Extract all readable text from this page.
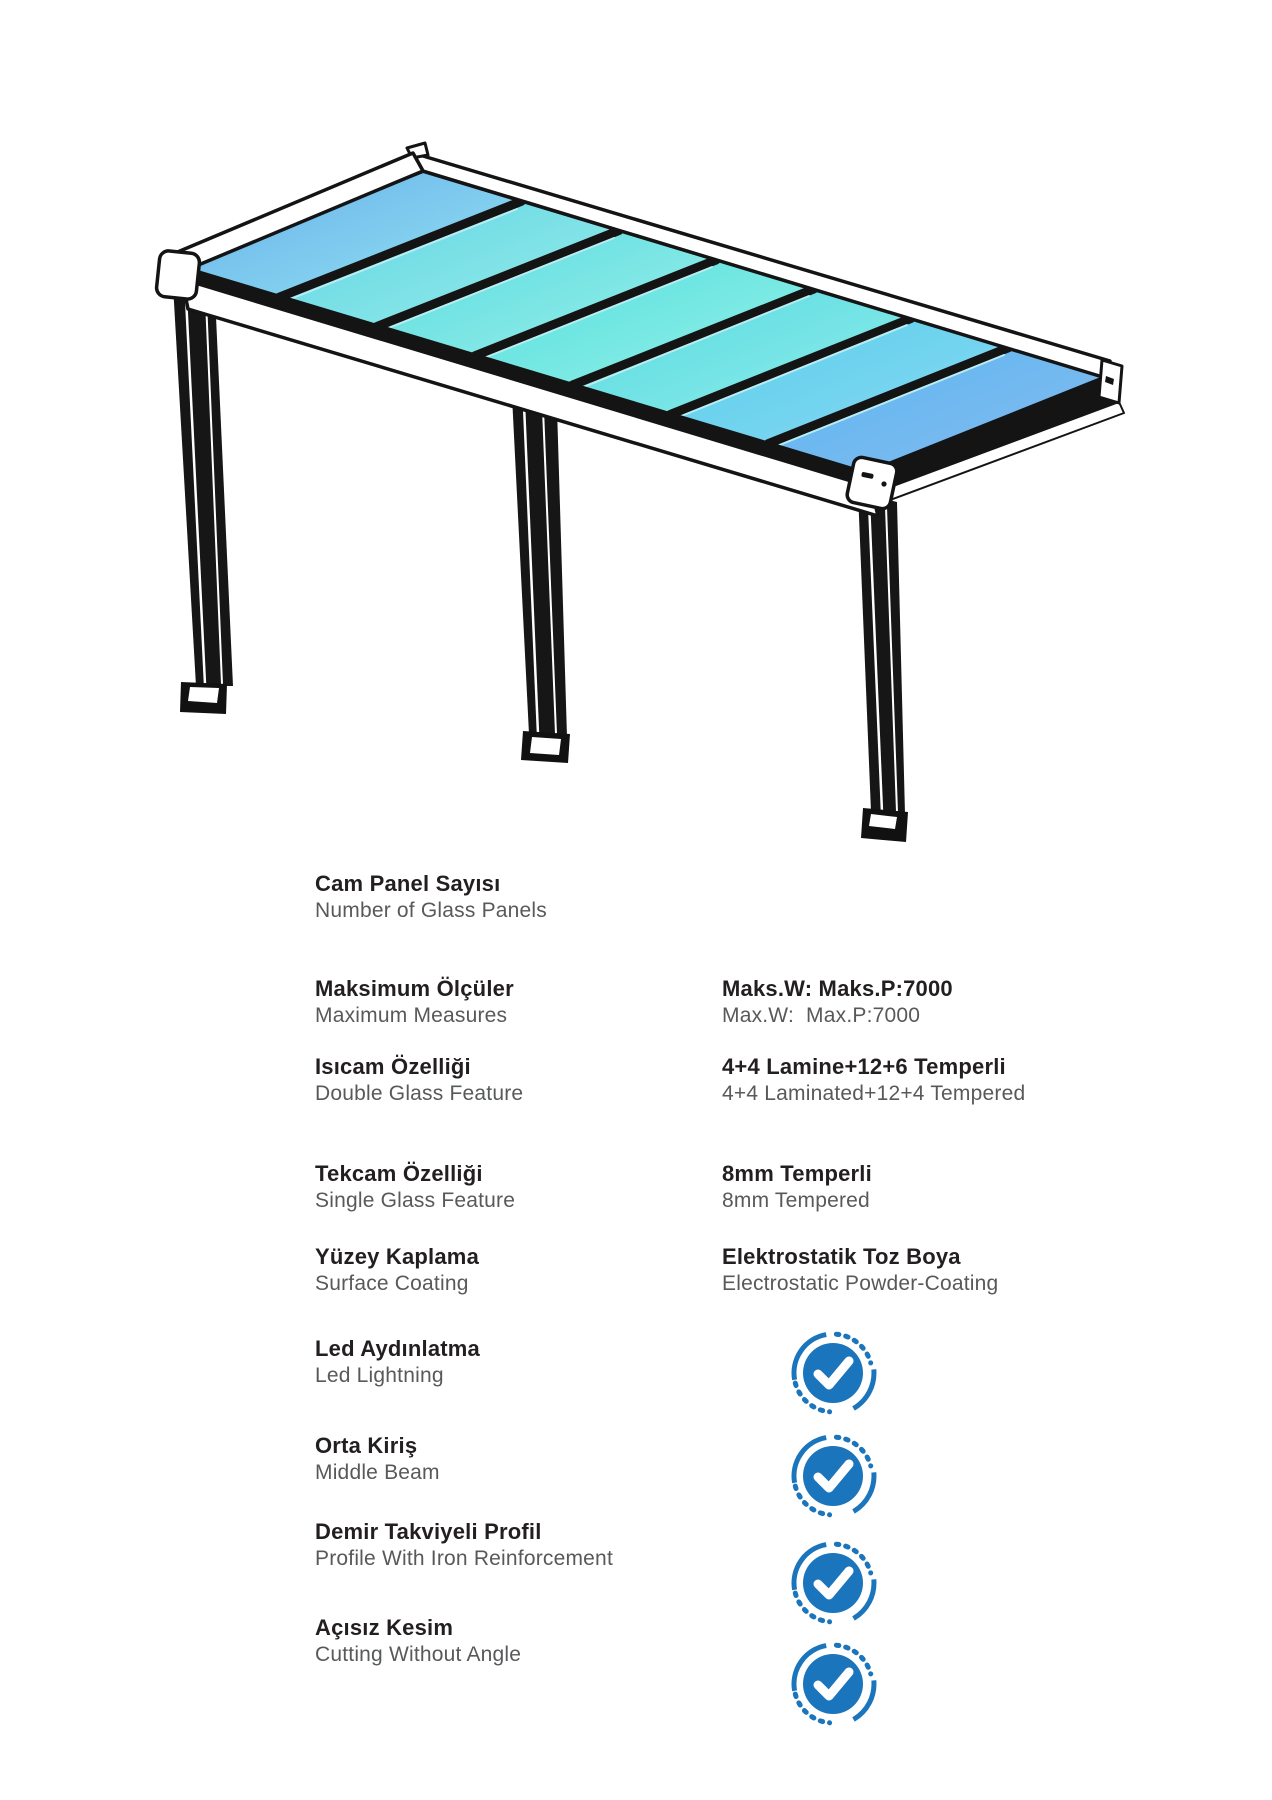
Cam Panel Sayısı
Number of Glass Panels
Maksimum Ölçüler
Maximum Measures
Isıcam Özelliği
Double Glass Feature
Tekcam Özelliği
Single Glass Feature
Yüzey Kaplama
Surface Coating
Led Aydınlatma
Led Lightning
Orta Kiriş
Middle Beam
Demir Takviyeli Profil
Profile With Iron Reinforcement
Açısız Kesim
Cutting Without Angle
Maks.W: Maks.P:7000
Max.W:  Max.P:7000
4+4 Lamine+12+6 Temperli
4+4 Laminated+12+4 Tempered
8mm Temperli
8mm Tempered
Elektrostatik Toz Boya
Electrostatic Powder-Coating
